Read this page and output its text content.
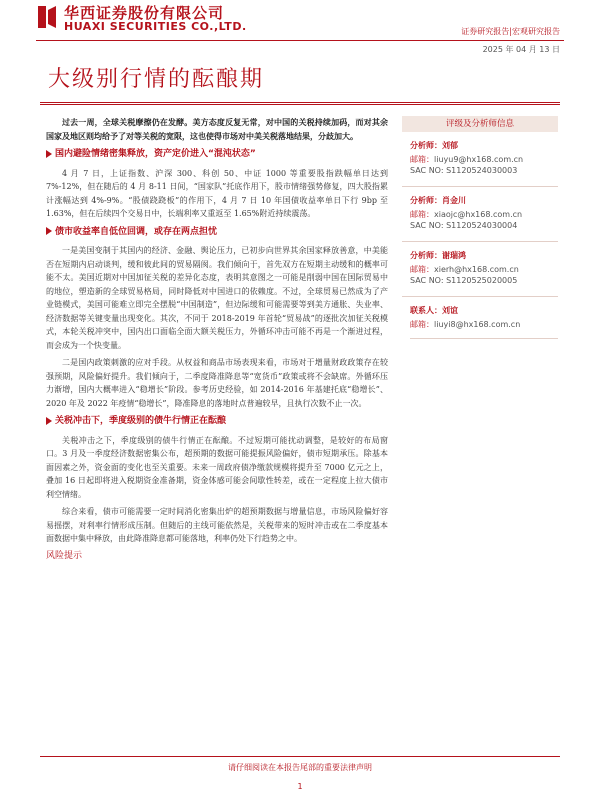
华西证券股份有限公司
HUAXI SECURITIES CO.,LTD.	证券研究报告|宏观研究报告
2025 年 04 月 13 日
大级别行情的酝酿期

过去一周，全球关税摩擦仍在发酵。美方态度反复无常，对中国的关税持续加码，而对其余国家及地区则均给予了对等关税的宽限，这也使得市场对中美关税落地结果，分歧加大。

国内避险情绪密集释放，资产定价进入“混沌状态”

4 月 7 日，上证指数、沪深 300、科创 50、中证 1000 等重要股指跌幅单日达到 7%-12%，但在随后的 4 月 8-11 日间，“国家队”托底作用下，股市情绪强势修复，四大股指累计涨幅达到 4%-9%。“股债跷跷板”的作用下，4 月 7 日 10 年国债收益率单日下行 9bp 至 1.63%，但在后续四个交易日中，长端利率又重返至 1.65%附近持续震荡。

债市收益率自低位回调，或存在两点担忧

一是美国变制于其国内的经济、金融、舆论压力，已初步向世界其余国家释放善意，中美能否在短期内启动谈判，缓和彼此间的贸易隔阂。我们倾向于，首先双方在短期主动缓和的概率可能不太。美国近期对中国加征关税的差异化态度，表明其意图之一可能是削弱中国在国际贸易中的地位，塑造新的全球贸易格局，同时降低对中国进口的依赖度。不过，全球贸易已然成为了产业链模式，美国可能难立即完全摆脱“中国制造”，但边际缓和可能需要等到美方通胀、失业率、经济数据等关键变量出现变化。其次，不同于 2018-2019 年首轮“贸易战”的逐批次加征关税模式，本轮关税冲突中，国内出口面临全面大额关税压力，外循环冲击可能不再是一个渐进过程，而会成为一个快变量。

二是国内政策刺激的应对手段。从权益和商品市场表现来看，市场对于增量财政政策存在较强预期，风险偏好提升。我们倾向于，二季度降准降息等“宽货币”政策或将不会缺席。外循环压力渐增，国内大概率进入“稳增长”阶段。参考历史经验，如 2014-2016 年基建托底“稳增长”、2020 年及 2022 年疫情“稳增长”，降准降息的落地时点普遍较早，且执行次数不止一次。

关税冲击下，季度级别的债牛行情正在酝酿

关税冲击之下，季度级别的债牛行情正在酝酿。不过短期可能扰动调整，是较好的布局窗口。3 月及一季度经济数据密集公布，超预期的数据可能提振风险偏好，债市短期承压。除基本面因素之外，资金面的变化也至关重要。未来一周政府债净缴款规模将提升至 7000 亿元之上，叠加 16 日起即将进入税期资金准备期，资金体感可能会间歇性转差，或在一定程度上拉大债市利空情绪。

综合来看，债市可能需要一定时间消化密集出炉的超预期数据与增量信息，市场风险偏好容易摇摆，对利率行情形成压制。但随后的主线可能依然是，关税带来的短时冲击或在二季度基本面数据中集中释放，由此降准降息都可能落地，利率仍处下行趋势之中。

风险提示

评级及分析师信息
分析师：刘郁
邮箱：liuyu9@hx168.com.cn
SAC NO: S1120524030003
分析师：肖金川
邮箱：xiaojc@hx168.com.cn
SAC NO: S1120524030004
分析师：谢瑞鸿
邮箱：xierh@hx168.com.cn
SAC NO: S1120525020005
联系人：刘谊
邮箱：liuyi8@hx168.com.cn
请仔细阅读在本报告尾部的重要法律声明
1
